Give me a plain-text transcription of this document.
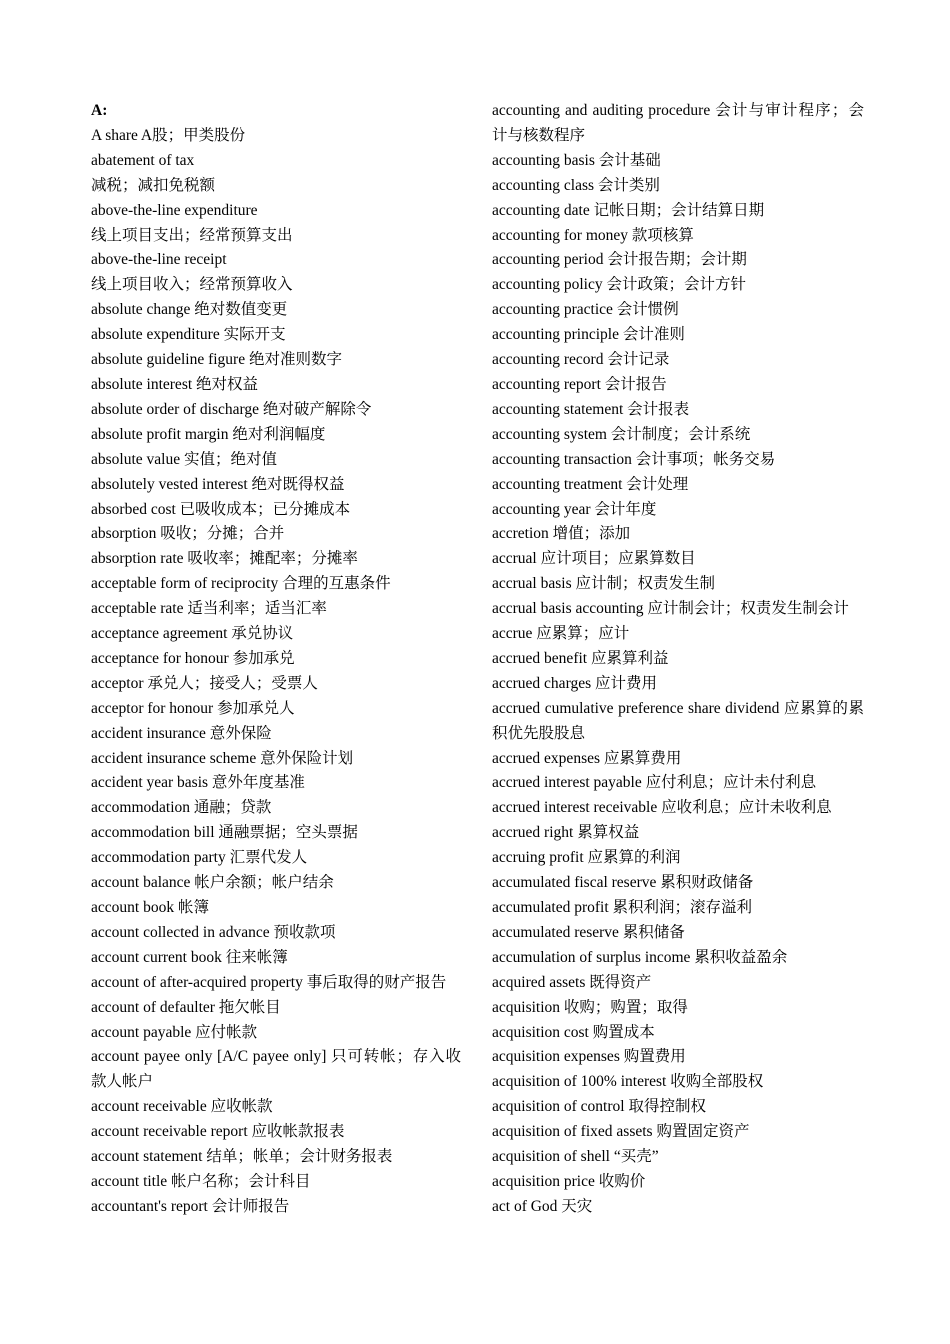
A:

A share A股；甲类股份

abatement of tax

减税；减扣免税额

above-the-line expenditure

线上项目支出；经常预算支出

above-the-line receipt

线上项目收入；经常预算收入

absolute change 绝对数值变更

absolute expenditure 实际开支

absolute guideline figure 绝对准则数字

absolute interest 绝对权益

absolute order of discharge 绝对破产解除令

absolute profit margin 绝对利润幅度

absolute value 实值；绝对值

absolutely vested interest 绝对既得权益

absorbed cost 已吸收成本；已分摊成本

absorption 吸收；分摊；合并

absorption rate 吸收率；摊配率；分摊率

acceptable form of reciprocity 合理的互惠条件

acceptable rate 适当利率；适当汇率

acceptance agreement 承兑协议

acceptance for honour 参加承兑

acceptor 承兑人；接受人；受票人

acceptor for honour 参加承兑人

accident insurance 意外保险

accident insurance scheme 意外保险计划

accident year basis 意外年度基准

accommodation 通融；贷款

accommodation bill 通融票据；空头票据

accommodation party 汇票代发人

account balance 帐户余额；帐户结余

account book 帐簿

account collected in advance 预收款项

account current book 往来帐簿

account of after-acquired property 事后取得的财产报告

account of defaulter 拖欠帐目

account payable 应付帐款

account payee only [A/C payee only] 只可转帐；存入收款人帐户

account receivable 应收帐款

account receivable report 应收帐款报表

account statement 结单；帐单；会计财务报表

account title 帐户名称；会计科目

accountant's report 会计师报告

accounting and auditing procedure 会计与审计程序；会计与核数程序

accounting basis 会计基础

accounting class 会计类别

accounting date 记帐日期；会计结算日期

accounting for money 款项核算

accounting period 会计报告期；会计期

accounting policy 会计政策；会计方针

accounting practice 会计惯例

accounting principle 会计准则

accounting record 会计记录

accounting report 会计报告

accounting statement 会计报表

accounting system 会计制度；会计系统

accounting transaction 会计事项；帐务交易

accounting treatment 会计处理

accounting year 会计年度

accretion 增值；添加

accrual 应计项目；应累算数目

accrual basis 应计制；权责发生制

accrual basis accounting 应计制会计；权责发生制会计

accrue 应累算；应计

accrued benefit 应累算利益

accrued charges 应计费用

accrued cumulative preference share dividend 应累算的累积优先股股息

accrued expenses 应累算费用

accrued interest payable 应付利息；应计未付利息

accrued interest receivable 应收利息；应计未收利息

accrued right 累算权益

accruing profit 应累算的利润

accumulated fiscal reserve 累积财政储备

accumulated profit 累积利润；滚存溢利

accumulated reserve 累积储备

accumulation of surplus income 累积收益盈余

acquired assets 既得资产

acquisition 收购；购置；取得

acquisition cost 购置成本

acquisition expenses 购置费用

acquisition of 100% interest 收购全部股权

acquisition of control 取得控制权

acquisition of fixed assets 购置固定资产

acquisition of shell “买壳”

acquisition price 收购价

act of God 天灾
